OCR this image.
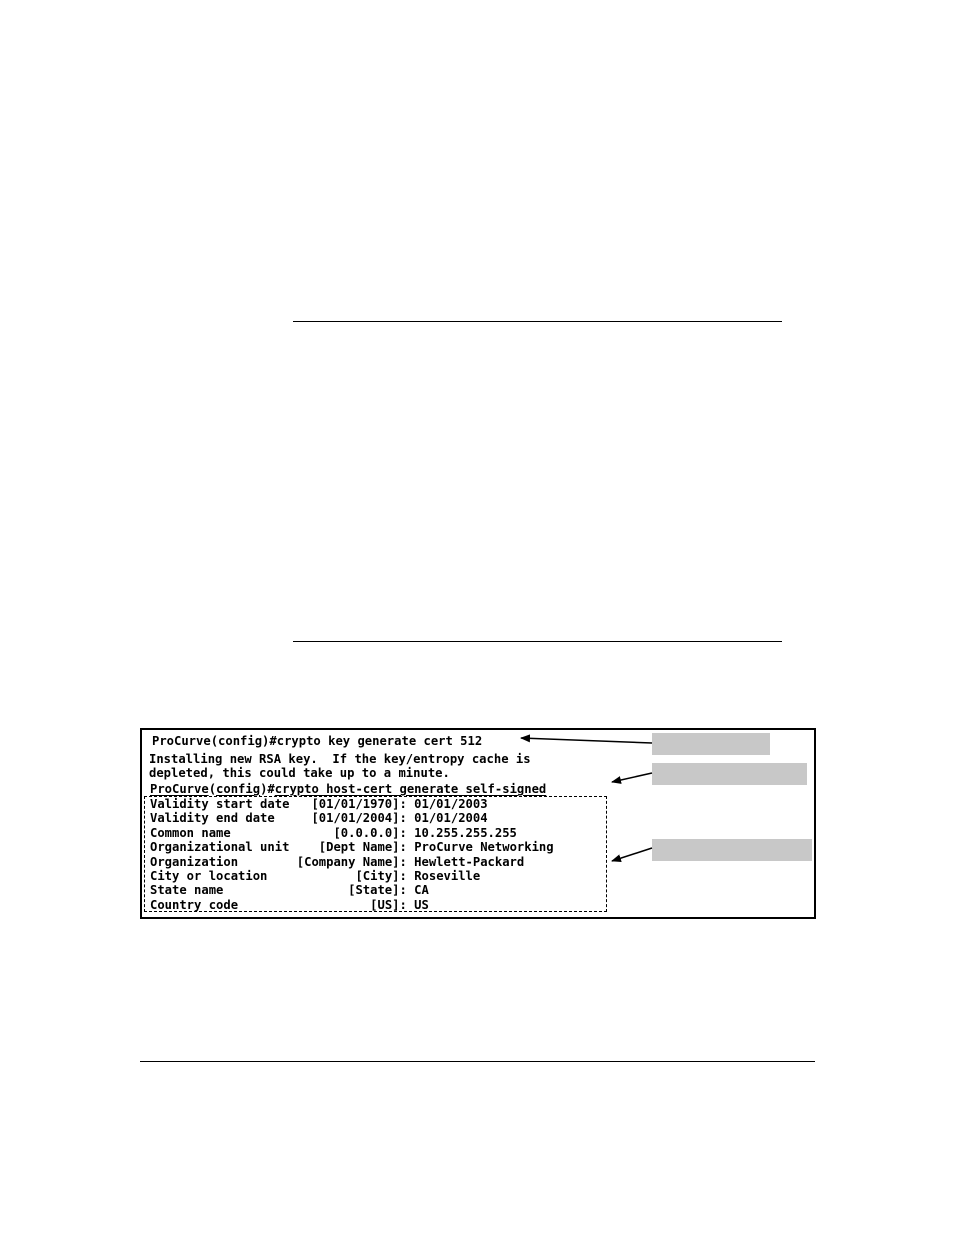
ProCurve(config)#crypto key generate cert 512
Installing new RSA key.  If the key/entropy cache is
depleted, this could take up to a minute.
ProCurve(config)#crypto host-cert generate self-signed
Validity start date [01/01/1970]: 01/01/2003
Validity end date	[01/01/2004]: 01/01/2004
Common name	[0.0.0.0]: 10.255.255.255
Organizational unit [Dept Name]: ProCurve Networking
Organization	[Company Name]: Hewlett-Packard
City or location	[City]: Roseville
State name	[State]: CA
Country code	[US]: US
